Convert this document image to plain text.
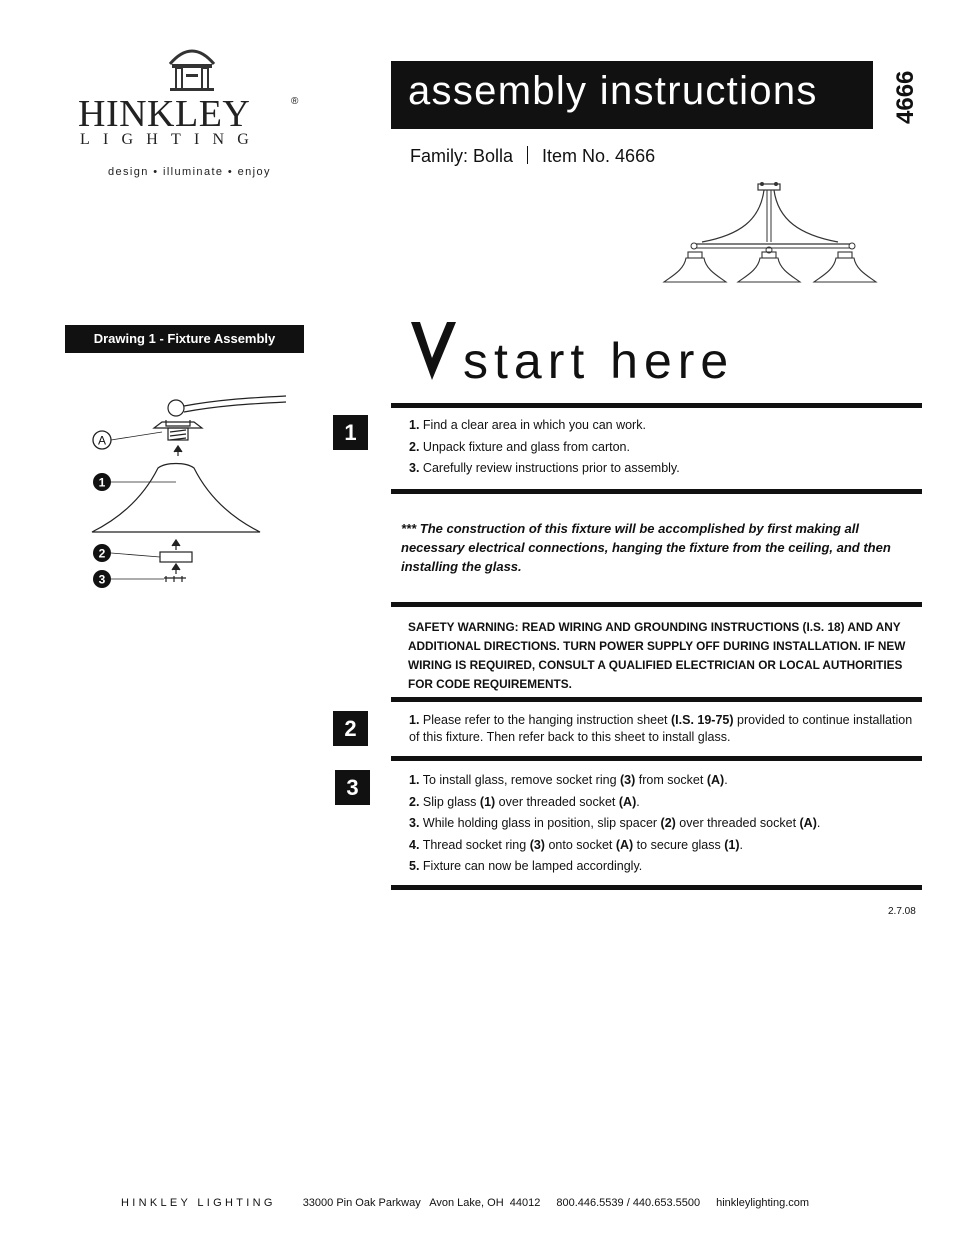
HINKLEY	®
LIGHTING
design • illuminate • enjoy
assembly instructions	4666
Family: Bolla Item No. 4666
Drawing 1 - Fixture Assembly
A
1
2
3
start here
1	1. Find a clear area in which you can work.
2. Unpack fixture and glass from carton.
3. Carefully review instructions prior to assembly.
*** The construction of this fixture will be accomplished by first making all necessary electrical connections, hanging the fixture from the ceiling, and then installing the glass.
SAFETY WARNING: READ WIRING AND GROUNDING INSTRUCTIONS (I.S. 18) AND ANY ADDITIONAL DIRECTIONS. TURN POWER SUPPLY OFF DURING INSTALLATION. IF NEW WIRING IS REQUIRED, CONSULT A QUALIFIED ELECTRICIAN OR LOCAL AUTHORITIES FOR CODE REQUIREMENTS.
2	1. Please refer to the hanging instruction sheet (I.S. 19-75) provided to continue installation of this fixture. Then refer back to this sheet to install glass.
3	1. To install glass, remove socket ring (3) from socket (A).
2. Slip glass (1) over threaded socket (A).
3. While holding glass in position, slip spacer (2) over threaded socket (A).
4. Thread socket ring (3) onto socket (A) to secure glass (1).
5. Fixture can now be lamped accordingly.
2.7.08
HINKLEY LIGHTING 33000 Pin Oak Parkway   Avon Lake, OH  44012 800.446.5539 / 440.653.5500 hinkleylighting.com
